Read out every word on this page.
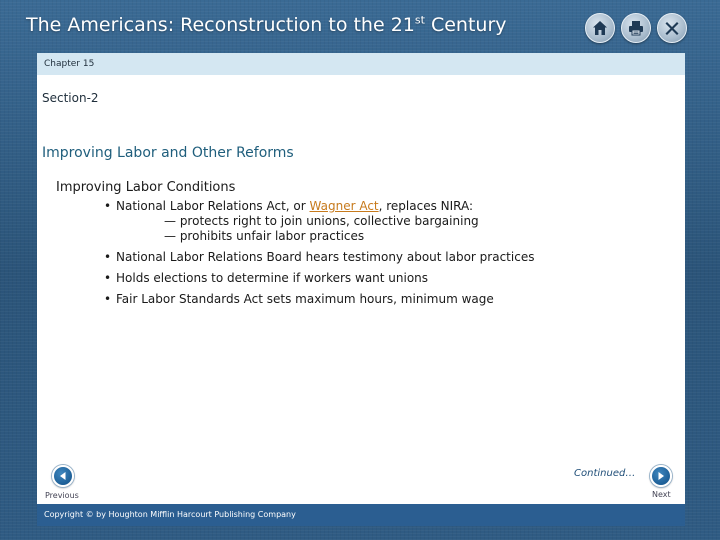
The Americans: Reconstruction to the 21st Century
Chapter 15
Section-2
Improving Labor and Other Reforms
Improving Labor Conditions
• National Labor Relations Act, or Wagner Act, replaces NIRA:
— protects right to join unions, collective bargaining
— prohibits unfair labor practices
• National Labor Relations Board hears testimony about labor practices
• Holds elections to determine if workers want unions
• Fair Labor Standards Act sets maximum hours, minimum wage
Previous
Continued…
Next
Copyright © by Houghton Mifflin Harcourt Publishing Company
